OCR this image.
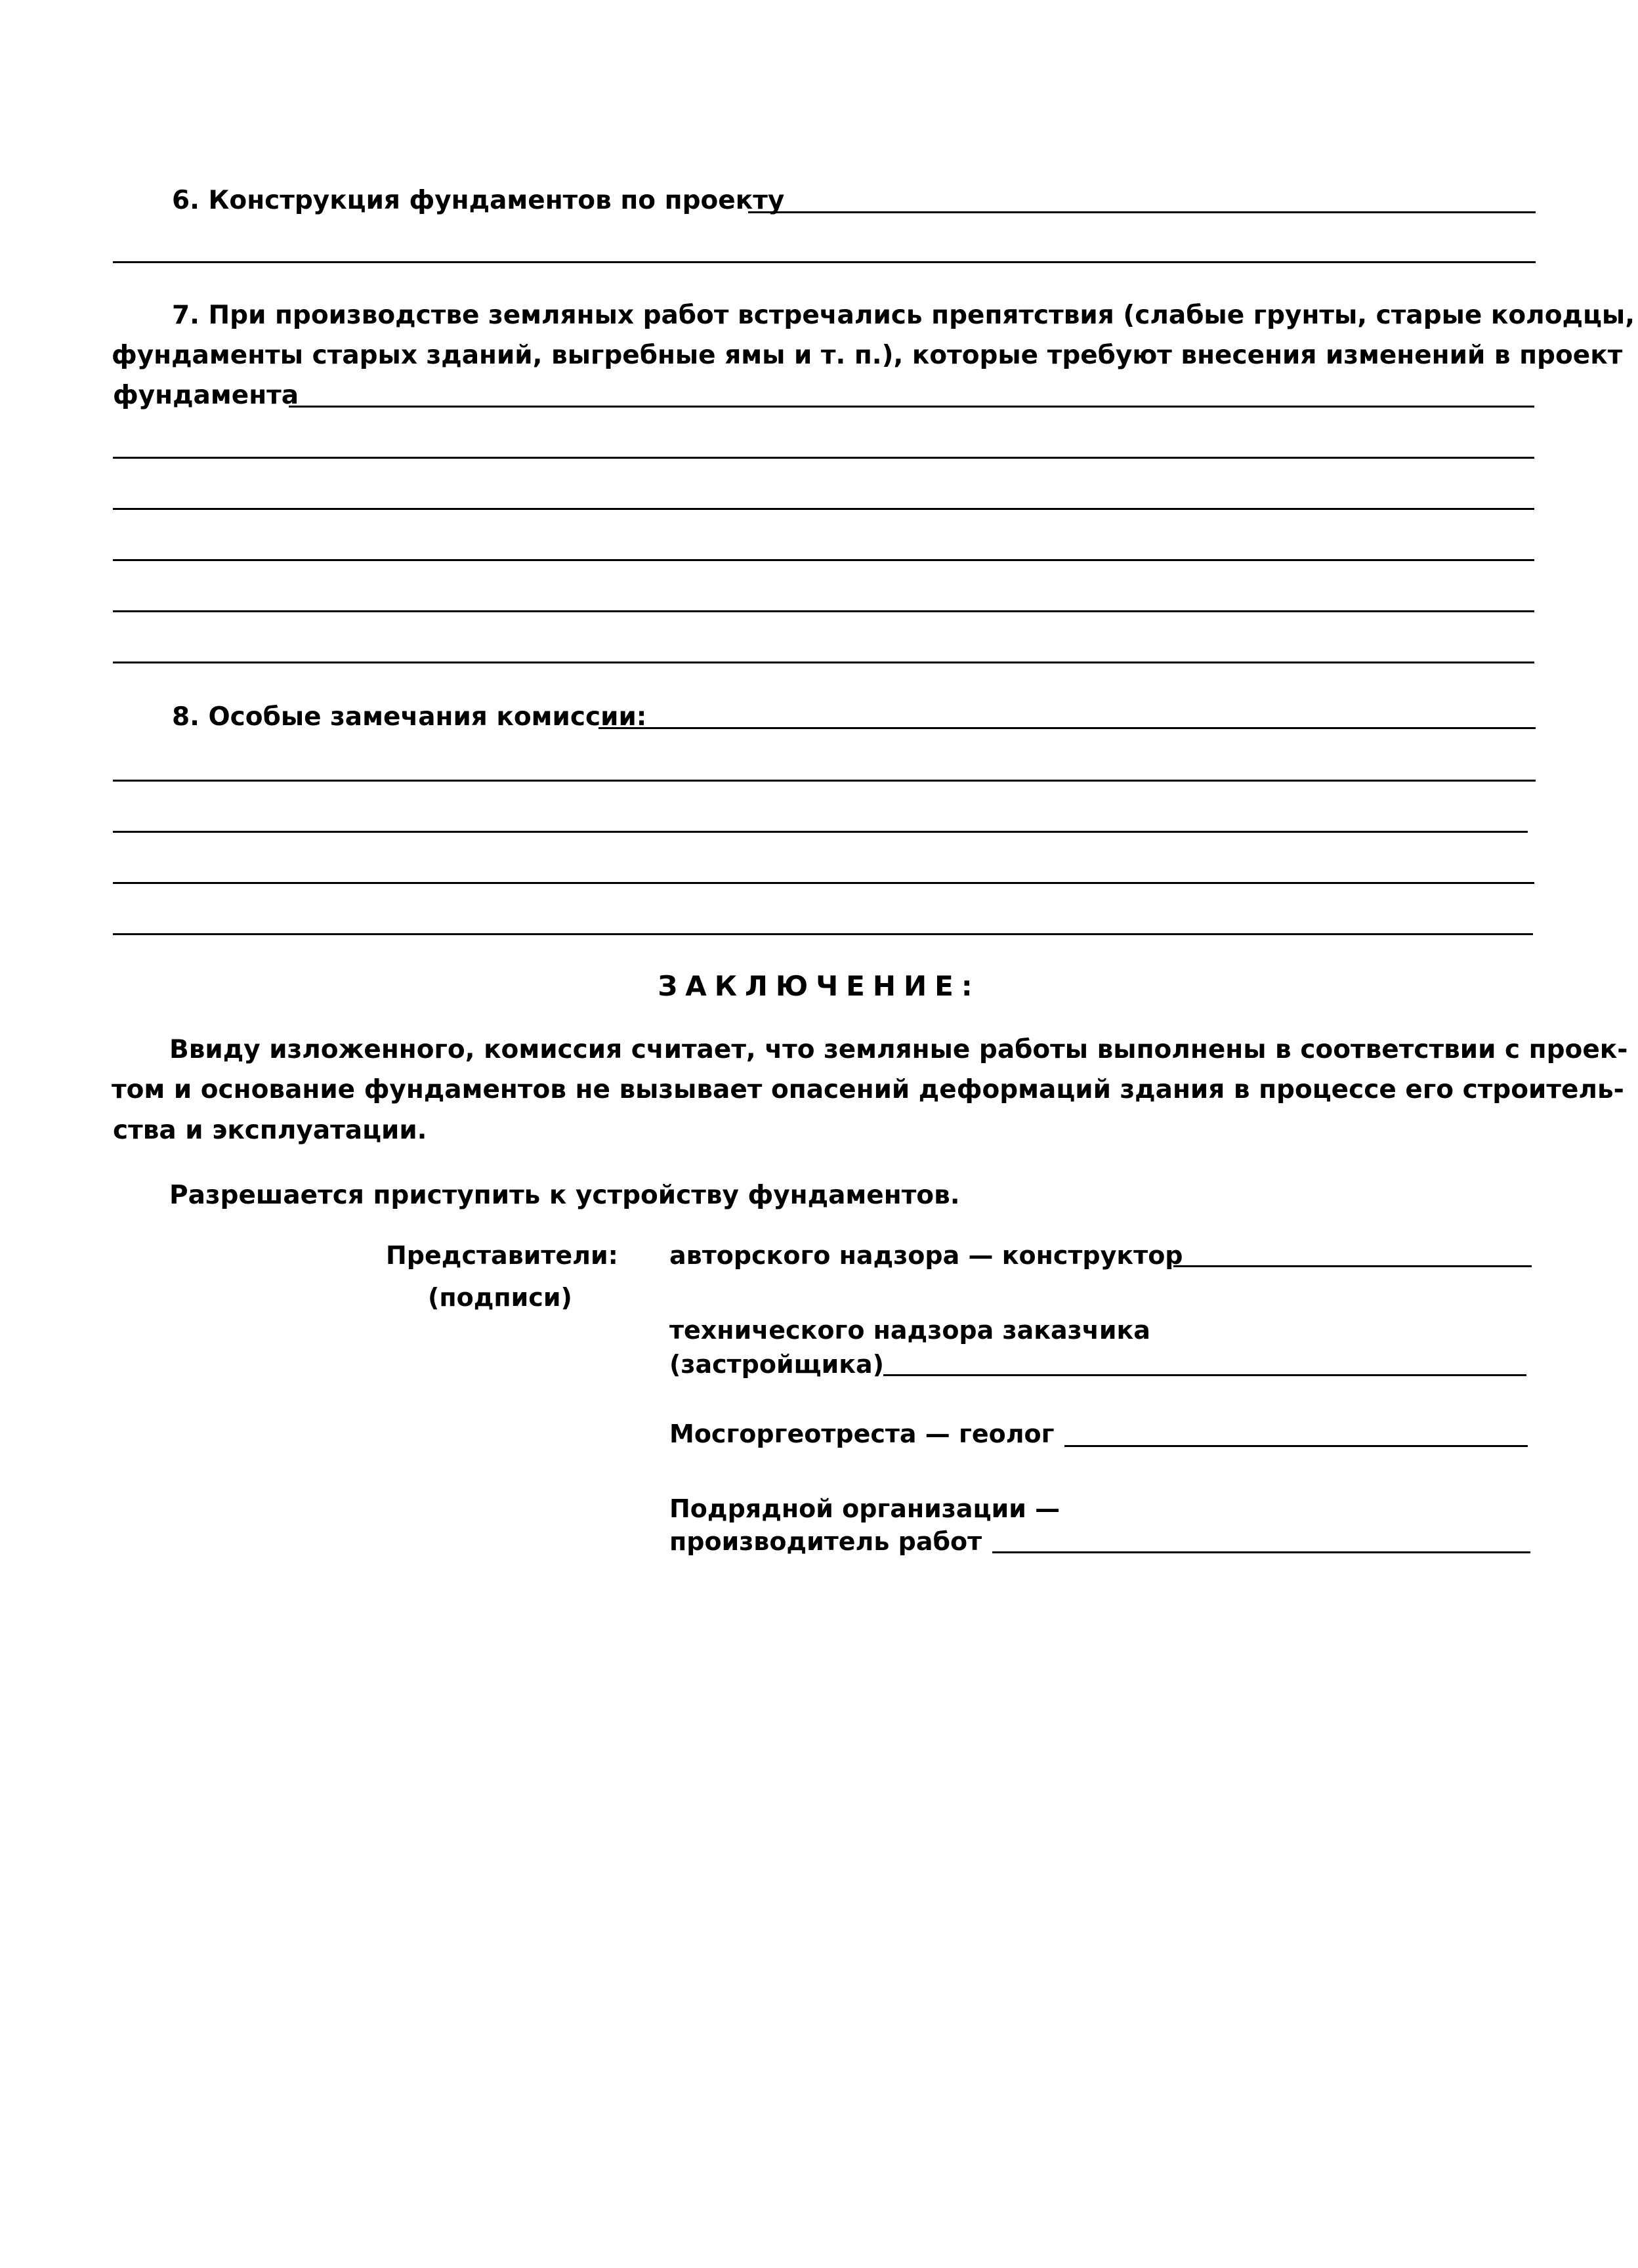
6. Конструкция фундаментов по проекту
7. При производстве земляных работ встречались препятствия (слабые грунты, старые колодцы,
фундаменты старых зданий, выгребные ямы и т. п.), которые требуют внесения изменений в проект
фундамента
8. Особые замечания комиссии:
ЗАКЛЮЧЕНИЕ:
Ввиду изложенного, комиссия считает, что земляные работы выполнены в соответствии с проек-
том и основание фундаментов не вызывает опасений деформаций здания в процессе его строитель-
ства и эксплуатации.
Разрешается приступить к устройству фундаментов.
Представители:
(подписи)
авторского надзора — конструктор
технического надзора заказчика
(застройщика)
Мосгоргеотреста — геолог
Подрядной организации —
производитель работ
